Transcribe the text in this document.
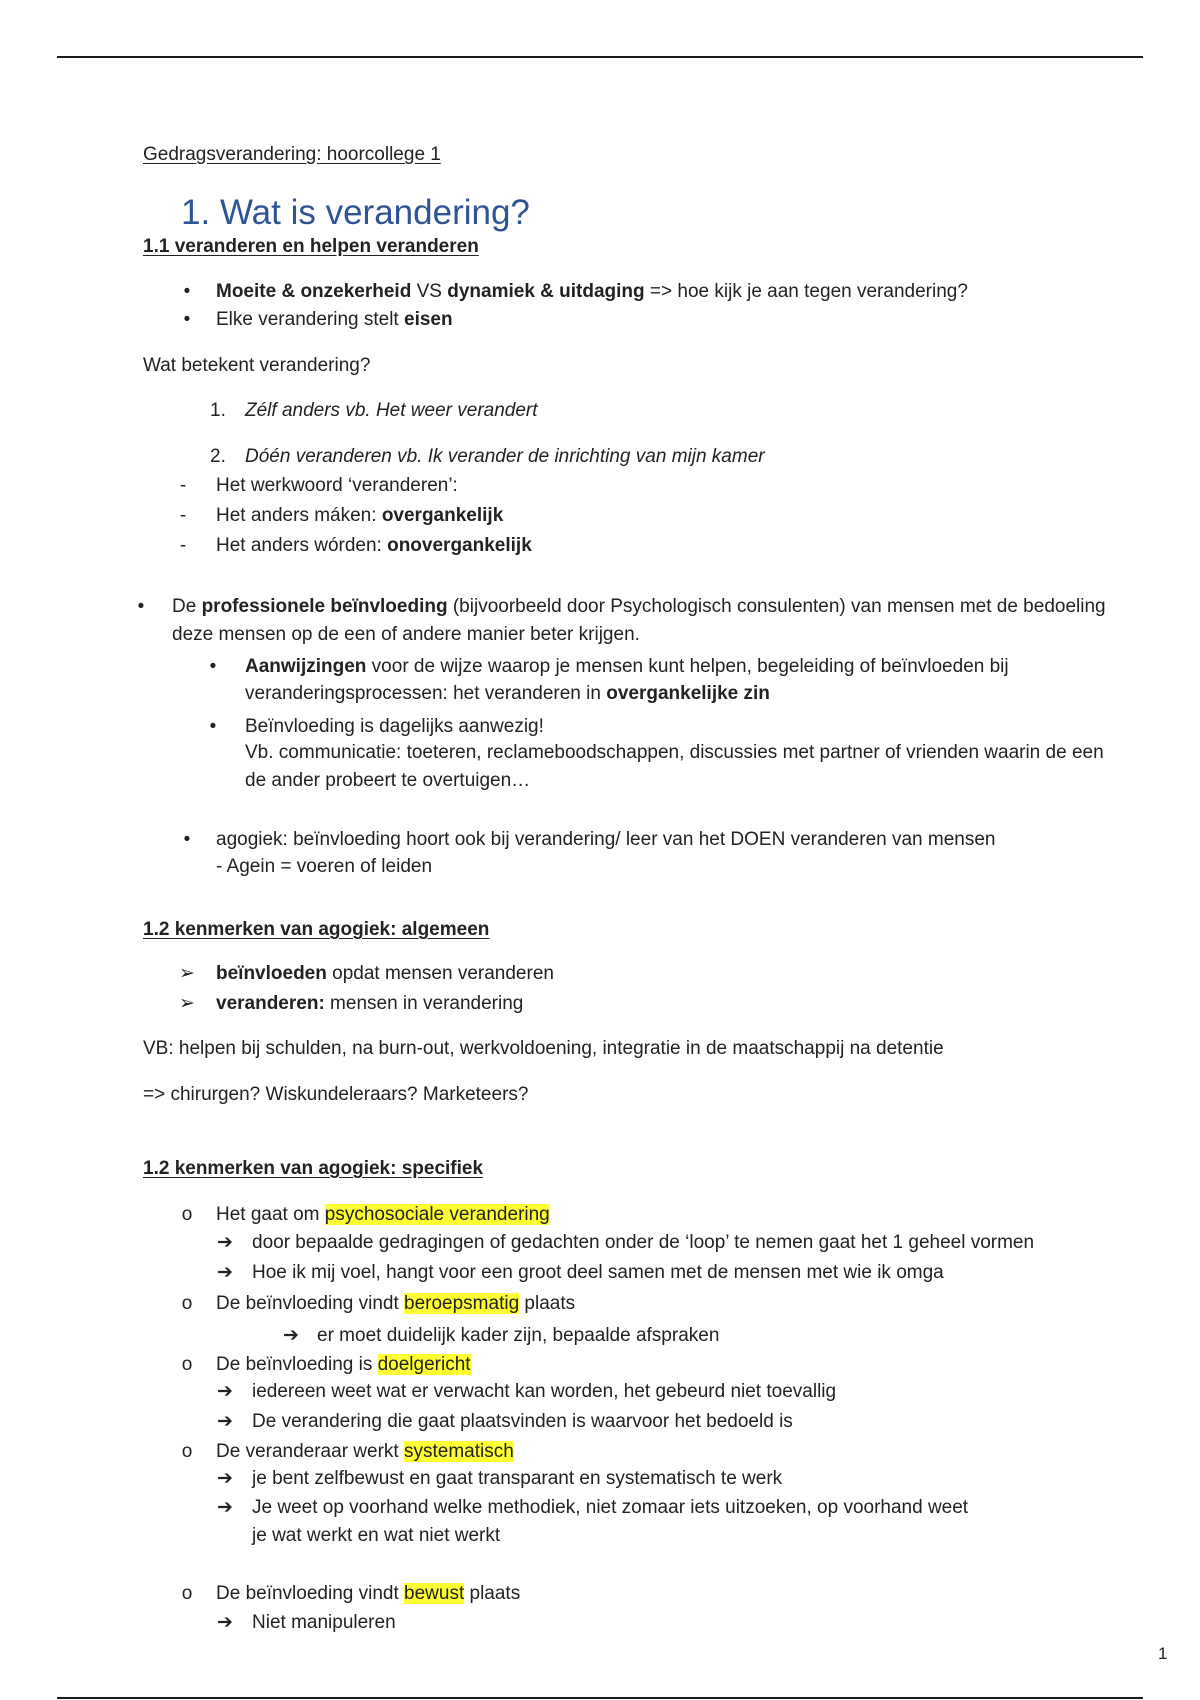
Gedragsverandering: hoorcollege 1
1. Wat is verandering?
1.1 veranderen en helpen veranderen
•	Moeite & onzekerheid VS dynamiek & uitdaging => hoe kijk je aan tegen verandering?
•	Elke verandering stelt eisen
Wat betekent verandering?
1. Zélf anders vb. Het weer verandert
2. Dóén veranderen vb. Ik verander de inrichting van mijn kamer
-	Het werkwoord ‘veranderen’:
-	Het anders máken: overgankelijk
-	Het anders wórden: onovergankelijk
•	De professionele beïnvloeding (bijvoorbeeld door Psychologisch consulenten) van mensen met de bedoeling
deze mensen op de een of andere manier beter krijgen.
•	Aanwijzingen voor de wijze waarop je mensen kunt helpen, begeleiding of beïnvloeden bij
veranderingsprocessen: het veranderen in overgankelijke zin
•	Beïnvloeding is dagelijks aanwezig!
Vb. communicatie: toeteren, reclameboodschappen, discussies met partner of vrienden waarin de een
de ander probeert te overtuigen…
•	agogiek: beïnvloeding hoort ook bij verandering/ leer van het DOEN veranderen van mensen
- Agein = voeren of leiden
1.2 kenmerken van agogiek: algemeen
➢	beïnvloeden opdat mensen veranderen
➢	veranderen: mensen in verandering
VB: helpen bij schulden, na burn-out, werkvoldoening, integratie in de maatschappij na detentie
=> chirurgen? Wiskundeleraars? Marketeers?
1.2 kenmerken van agogiek: specifiek
o	Het gaat om psychosociale verandering
➔	door bepaalde gedragingen of gedachten onder de ‘loop’ te nemen gaat het 1 geheel vormen
➔	Hoe ik mij voel, hangt voor een groot deel samen met de mensen met wie ik omga
o	De beïnvloeding vindt beroepsmatig plaats
➔ er moet duidelijk kader zijn, bepaalde afspraken
o	De beïnvloeding is doelgericht
➔	iedereen weet wat er verwacht kan worden, het gebeurd niet toevallig
➔	De verandering die gaat plaatsvinden is waarvoor het bedoeld is
o	De veranderaar werkt systematisch
➔	je bent zelfbewust en gaat transparant en systematisch te werk
➔	Je weet op voorhand welke methodiek, niet zomaar iets uitzoeken, op voorhand weet
je wat werkt en wat niet werkt
o	De beïnvloeding vindt bewust plaats
➔	Niet manipuleren
1
